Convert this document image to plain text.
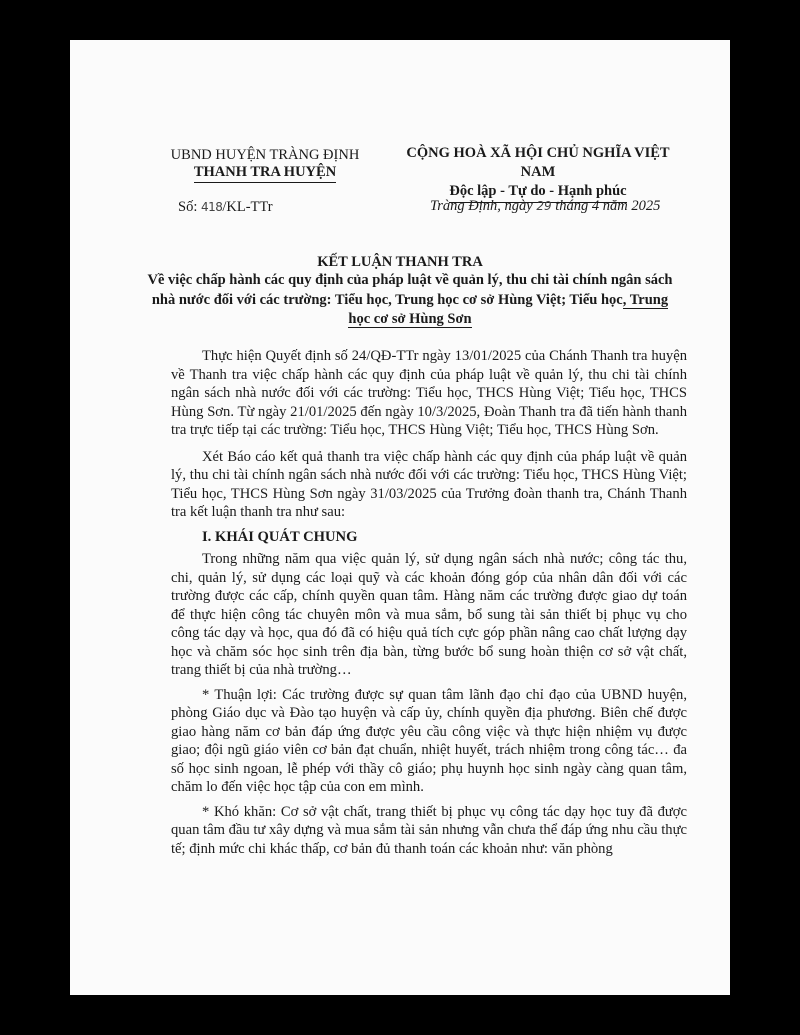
UBND HUYỆN TRÀNG ĐỊNH
THANH TRA HUYỆN
CỘNG HOÀ XÃ HỘI CHỦ NGHĨA VIỆT NAM
Độc lập - Tự do - Hạnh phúc
Số: 418/KL-TTr	Tràng Định, ngày 29 tháng 4 năm 2025
KẾT LUẬN THANH TRA
Về việc chấp hành các quy định của pháp luật về quản lý, thu chi tài chính ngân sách nhà nước đối với các trường: Tiểu học, Trung học cơ sở Hùng Việt; Tiểu học, Trung học cơ sở Hùng Sơn

Thực hiện Quyết định số 24/QĐ-TTr ngày 13/01/2025 của Chánh Thanh tra huyện về Thanh tra việc chấp hành các quy định của pháp luật về quản lý, thu chi tài chính ngân sách nhà nước đối với các trường: Tiểu học, THCS Hùng Việt; Tiểu học, THCS Hùng Sơn. Từ ngày 21/01/2025 đến ngày 10/3/2025, Đoàn Thanh tra đã tiến hành thanh tra trực tiếp tại các trường: Tiểu học, THCS Hùng Việt; Tiểu học, THCS Hùng Sơn.

Xét Báo cáo kết quả thanh tra việc chấp hành các quy định của pháp luật về quản lý, thu chi tài chính ngân sách nhà nước đối với các trường: Tiểu học, THCS Hùng Việt; Tiểu học, THCS Hùng Sơn ngày 31/03/2025 của Trưởng đoàn thanh tra, Chánh Thanh tra kết luận thanh tra như sau:

I. KHÁI QUÁT CHUNG

Trong những năm qua việc quản lý, sử dụng ngân sách nhà nước; công tác thu, chi, quản lý, sử dụng các loại quỹ và các khoản đóng góp của nhân dân đối với các trường được các cấp, chính quyền quan tâm. Hàng năm các trường được giao dự toán để thực hiện công tác chuyên môn và mua sắm, bổ sung tài sản thiết bị phục vụ cho công tác dạy và học, qua đó đã có hiệu quả tích cực góp phần nâng cao chất lượng dạy học và chăm sóc học sinh trên địa bàn, từng bước bổ sung hoàn thiện cơ sở vật chất, trang thiết bị của nhà trường…

* Thuận lợi: Các trường được sự quan tâm lãnh đạo chỉ đạo của UBND huyện, phòng Giáo dục và Đào tạo huyện và cấp ủy, chính quyền địa phương. Biên chế được giao hàng năm cơ bản đáp ứng được yêu cầu công việc và thực hiện nhiệm vụ được giao; đội ngũ giáo viên cơ bản đạt chuẩn, nhiệt huyết, trách nhiệm trong công tác… đa số học sinh ngoan, lễ phép với thầy cô giáo; phụ huynh học sinh ngày càng quan tâm, chăm lo đến việc học tập của con em mình.

* Khó khăn: Cơ sở vật chất, trang thiết bị phục vụ công tác dạy học tuy đã được quan tâm đầu tư xây dựng và mua sắm tài sản nhưng vẫn chưa thể đáp ứng nhu cầu thực tế; định mức chi khác thấp, cơ bản đủ thanh toán các khoản như: văn phòng
